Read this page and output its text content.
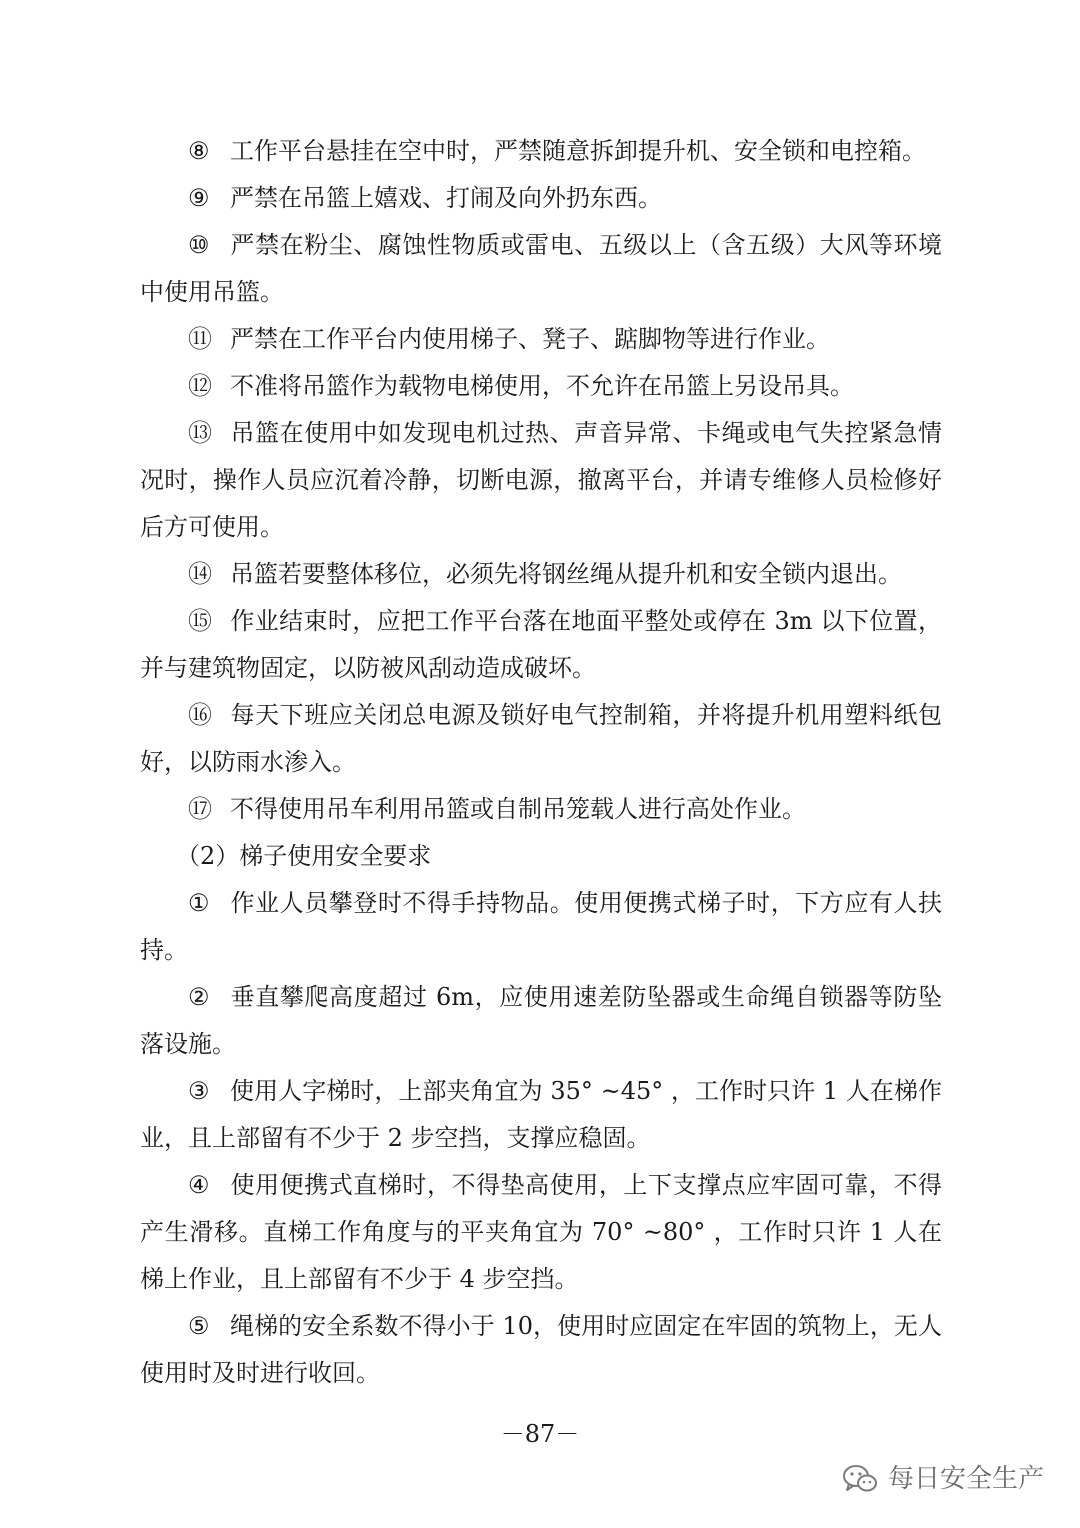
⑧ 工作平台悬挂在空中时，严禁随意拆卸提升机、安全锁和电控箱。

⑨ 严禁在吊篮上嬉戏、打闹及向外扔东西。

⑩ 严禁在粉尘、腐蚀性物质或雷电、五级以上（含五级）大风等环境中使用吊篮。

⑪ 严禁在工作平台内使用梯子、凳子、踮脚物等进行作业。

⑫ 不准将吊篮作为载物电梯使用，不允许在吊篮上另设吊具。

⑬ 吊篮在使用中如发现电机过热、声音异常、卡绳或电气失控紧急情况时，操作人员应沉着冷静，切断电源，撤离平台，并请专维修人员检修好后方可使用。

⑭ 吊篮若要整体移位，必须先将钢丝绳从提升机和安全锁内退出。

⑮ 作业结束时，应把工作平台落在地面平整处或停在 3m 以下位置，并与建筑物固定，以防被风刮动造成破坏。

⑯ 每天下班应关闭总电源及锁好电气控制箱，并将提升机用塑料纸包好，以防雨水渗入。

⑰ 不得使用吊车利用吊篮或自制吊笼载人进行高处作业。

（2）梯子使用安全要求

① 作业人员攀登时不得手持物品。使用便携式梯子时，下方应有人扶持。

② 垂直攀爬高度超过 6m，应使用速差防坠器或生命绳自锁器等防坠落设施。

③ 使用人字梯时，上部夹角宜为 35° ~45° ，工作时只许 1 人在梯作业，且上部留有不少于 2 步空挡，支撑应稳固。

④ 使用便携式直梯时，不得垫高使用，上下支撑点应牢固可靠，不得产生滑移。直梯工作角度与的平夹角宜为 70° ~80° ，工作时只许 1 人在梯上作业，且上部留有不少于 4 步空挡。

⑤ 绳梯的安全系数不得小于 10，使用时应固定在牢固的筑物上，无人使用时及时进行收回。

－87－
每日安全生产
